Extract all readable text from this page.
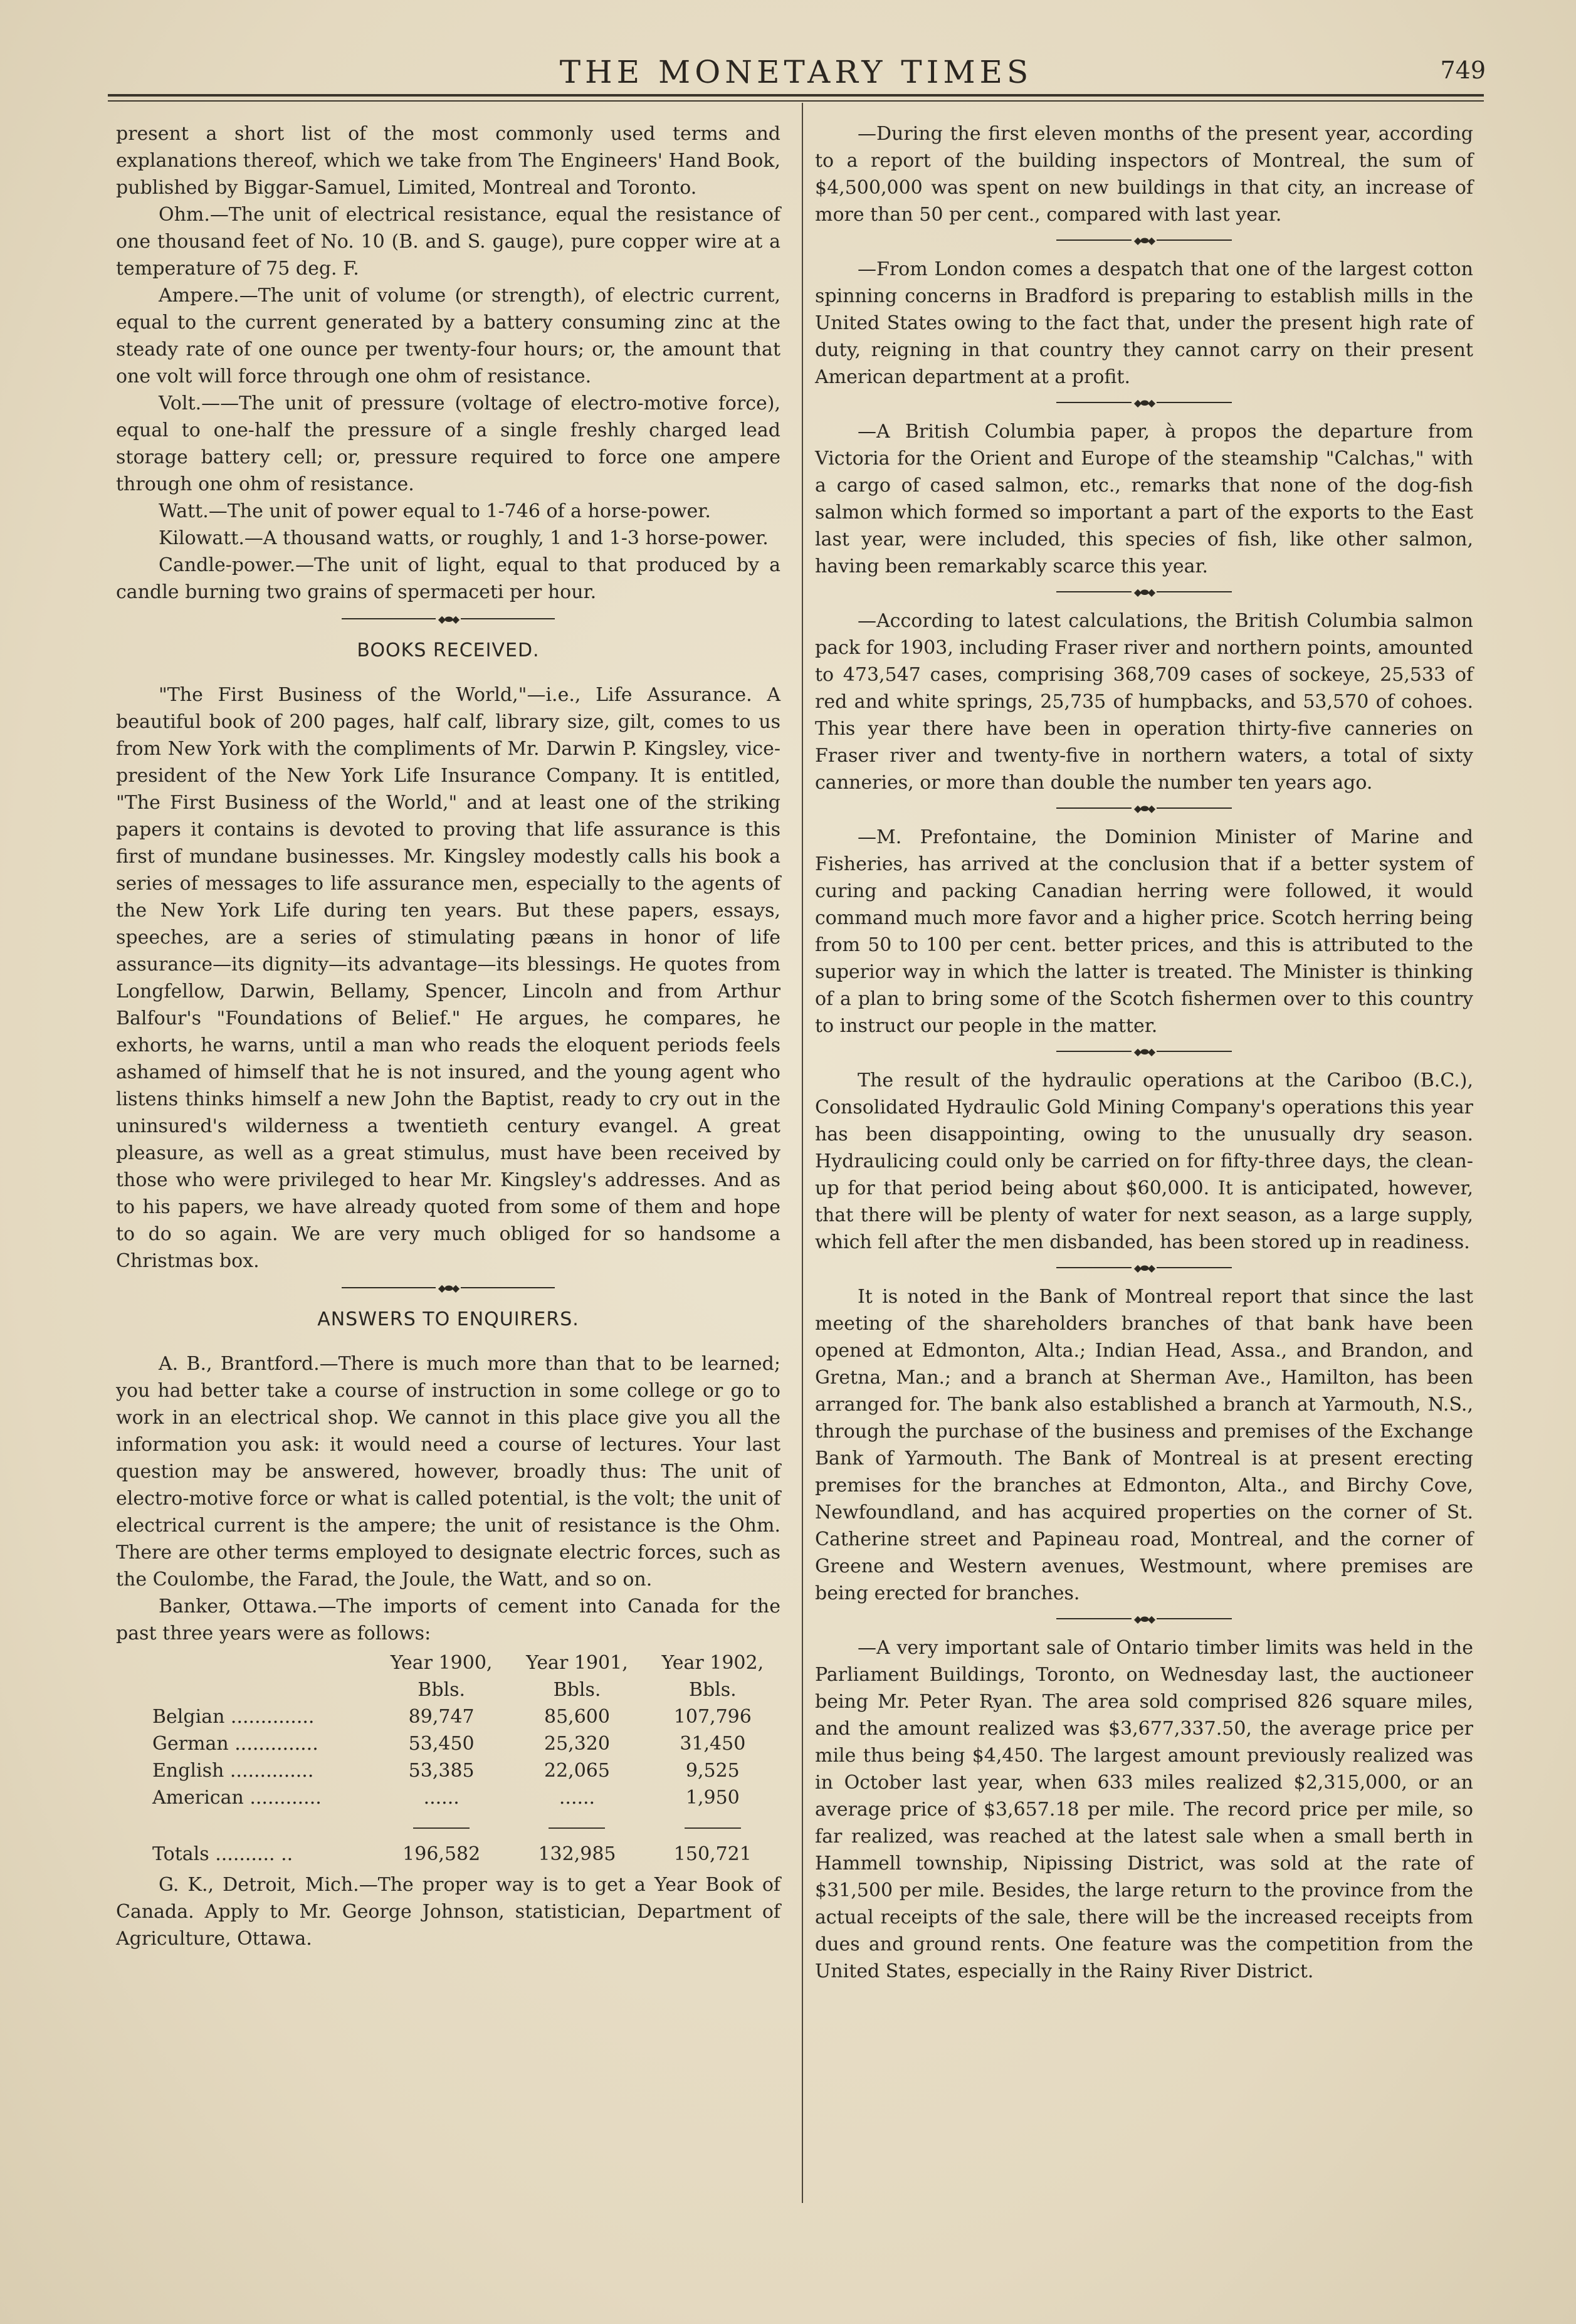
THE MONETARY TIMES	749

present a short list of the most commonly used terms and explanations thereof, which we take from The Engineers' Hand Book, published by Biggar-Samuel, Limited, Montreal and Toronto.

Ohm.—The unit of electrical resistance, equal the resistance of one thousand feet of No. 10 (B. and S. gauge), pure copper wire at a temperature of 75 deg. F.

Ampere.—The unit of volume (or strength), of electric current, equal to the current generated by a battery consuming zinc at the steady rate of one ounce per twenty-four hours; or, the amount that one volt will force through one ohm of resistance.

Volt.——The unit of pressure (voltage of electro-motive force), equal to one-half the pressure of a single freshly charged lead storage battery cell; or, pressure required to force one ampere through one ohm of resistance.

Watt.—The unit of power equal to 1-746 of a horse-power.

Kilowatt.—A thousand watts, or roughly, 1 and 1-3 horse-power.

Candle-power.—The unit of light, equal to that produced by a candle burning two grains of spermaceti per hour.

◆⬬◆
BOOKS RECEIVED.

"The First Business of the World,"—i.e., Life Assurance. A beautiful book of 200 pages, half calf, library size, gilt, comes to us from New York with the compliments of Mr. Darwin P. Kingsley, vice-president of the New York Life Insurance Company. It is entitled, "The First Business of the World," and at least one of the striking papers it contains is devoted to proving that life assurance is this first of mundane businesses. Mr. Kingsley modestly calls his book a series of messages to life assurance men, especially to the agents of the New York Life during ten years. But these papers, essays, speeches, are a series of stimulating pæans in honor of life assurance—its dignity—its advantage—its blessings. He quotes from Longfellow, Darwin, Bellamy, Spencer, Lincoln and from Arthur Balfour's "Foundations of Belief." He argues, he compares, he exhorts, he warns, until a man who reads the eloquent periods feels ashamed of himself that he is not insured, and the young agent who listens thinks himself a new John the Baptist, ready to cry out in the uninsured's wilderness a twentieth century evangel. A great pleasure, as well as a great stimulus, must have been received by those who were privileged to hear Mr. Kingsley's addresses. And as to his papers, we have already quoted from some of them and hope to do so again. We are very much obliged for so handsome a Christmas box.

◆⬬◆
ANSWERS TO ENQUIRERS.

A. B., Brantford.—There is much more than that to be learned; you had better take a course of instruction in some college or go to work in an electrical shop. We cannot in this place give you all the information you ask: it would need a course of lectures. Your last question may be answered, however, broadly thus: The unit of electro-motive force or what is called potential, is the volt; the unit of electrical current is the ampere; the unit of resistance is the Ohm. There are other terms employed to designate electric forces, such as the Coulombe, the Farad, the Joule, the Watt, and so on.

Banker, Ottawa.—The imports of cement into Canada for the past three years were as follows:

	Year 1900,	Year 1901,	Year 1902,
	Bbls.	Bbls.	Bbls.
Belgian ..............	89,747	85,600	107,796
German ..............	53,450	25,320	31,450
English ..............	53,385	22,065	9,525
American ............	......	......	1,950

Totals .......... ..	196,582	132,985	150,721

G. K., Detroit, Mich.—The proper way is to get a Year Book of Canada. Apply to Mr. George Johnson, statistician, Department of Agriculture, Ottawa.

—During the first eleven months of the present year, according to a report of the building inspectors of Montreal, the sum of $4,500,000 was spent on new buildings in that city, an increase of more than 50 per cent., compared with last year.

◆⬬◆

—From London comes a despatch that one of the largest cotton spinning concerns in Bradford is preparing to establish mills in the United States owing to the fact that, under the present high rate of duty, reigning in that country they cannot carry on their present American department at a profit.

◆⬬◆

—A British Columbia paper, à propos the departure from Victoria for the Orient and Europe of the steamship "Calchas," with a cargo of cased salmon, etc., remarks that none of the dog-fish salmon which formed so important a part of the exports to the East last year, were included, this species of fish, like other salmon, having been remarkably scarce this year.

◆⬬◆

—According to latest calculations, the British Columbia salmon pack for 1903, including Fraser river and northern points, amounted to 473,547 cases, comprising 368,709 cases of sockeye, 25,533 of red and white springs, 25,735 of humpbacks, and 53,570 of cohoes. This year there have been in operation thirty-five canneries on Fraser river and twenty-five in northern waters, a total of sixty canneries, or more than double the number ten years ago.

◆⬬◆

—M. Prefontaine, the Dominion Minister of Marine and Fisheries, has arrived at the conclusion that if a better system of curing and packing Canadian herring were followed, it would command much more favor and a higher price. Scotch herring being from 50 to 100 per cent. better prices, and this is attributed to the superior way in which the latter is treated. The Minister is thinking of a plan to bring some of the Scotch fishermen over to this country to instruct our people in the matter.

◆⬬◆

The result of the hydraulic operations at the Cariboo (B.C.), Consolidated Hydraulic Gold Mining Company's operations this year has been disappointing, owing to the unusually dry season. Hydraulicing could only be carried on for fifty-three days, the clean-up for that period being about $60,000. It is anticipated, however, that there will be plenty of water for next season, as a large supply, which fell after the men disbanded, has been stored up in readiness.

◆⬬◆

It is noted in the Bank of Montreal report that since the last meeting of the shareholders branches of that bank have been opened at Edmonton, Alta.; Indian Head, Assa., and Brandon, and Gretna, Man.; and a branch at Sherman Ave., Hamilton, has been arranged for. The bank also established a branch at Yarmouth, N.S., through the purchase of the business and premises of the Exchange Bank of Yarmouth. The Bank of Montreal is at present erecting premises for the branches at Edmonton, Alta., and Birchy Cove, Newfoundland, and has acquired properties on the corner of St. Catherine street and Papineau road, Montreal, and the corner of Greene and Western avenues, Westmount, where premises are being erected for branches.

◆⬬◆

—A very important sale of Ontario timber limits was held in the Parliament Buildings, Toronto, on Wednesday last, the auctioneer being Mr. Peter Ryan. The area sold comprised 826 square miles, and the amount realized was $3,677,337.50, the average price per mile thus being $4,450. The largest amount previously realized was in October last year, when 633 miles realized $2,315,000, or an average price of $3,657.18 per mile. The record price per mile, so far realized, was reached at the latest sale when a small berth in Hammell township, Nipissing District, was sold at the rate of $31,500 per mile. Besides, the large return to the province from the actual receipts of the sale, there will be the increased receipts from dues and ground rents. One feature was the competition from the United States, especially in the Rainy River District.
